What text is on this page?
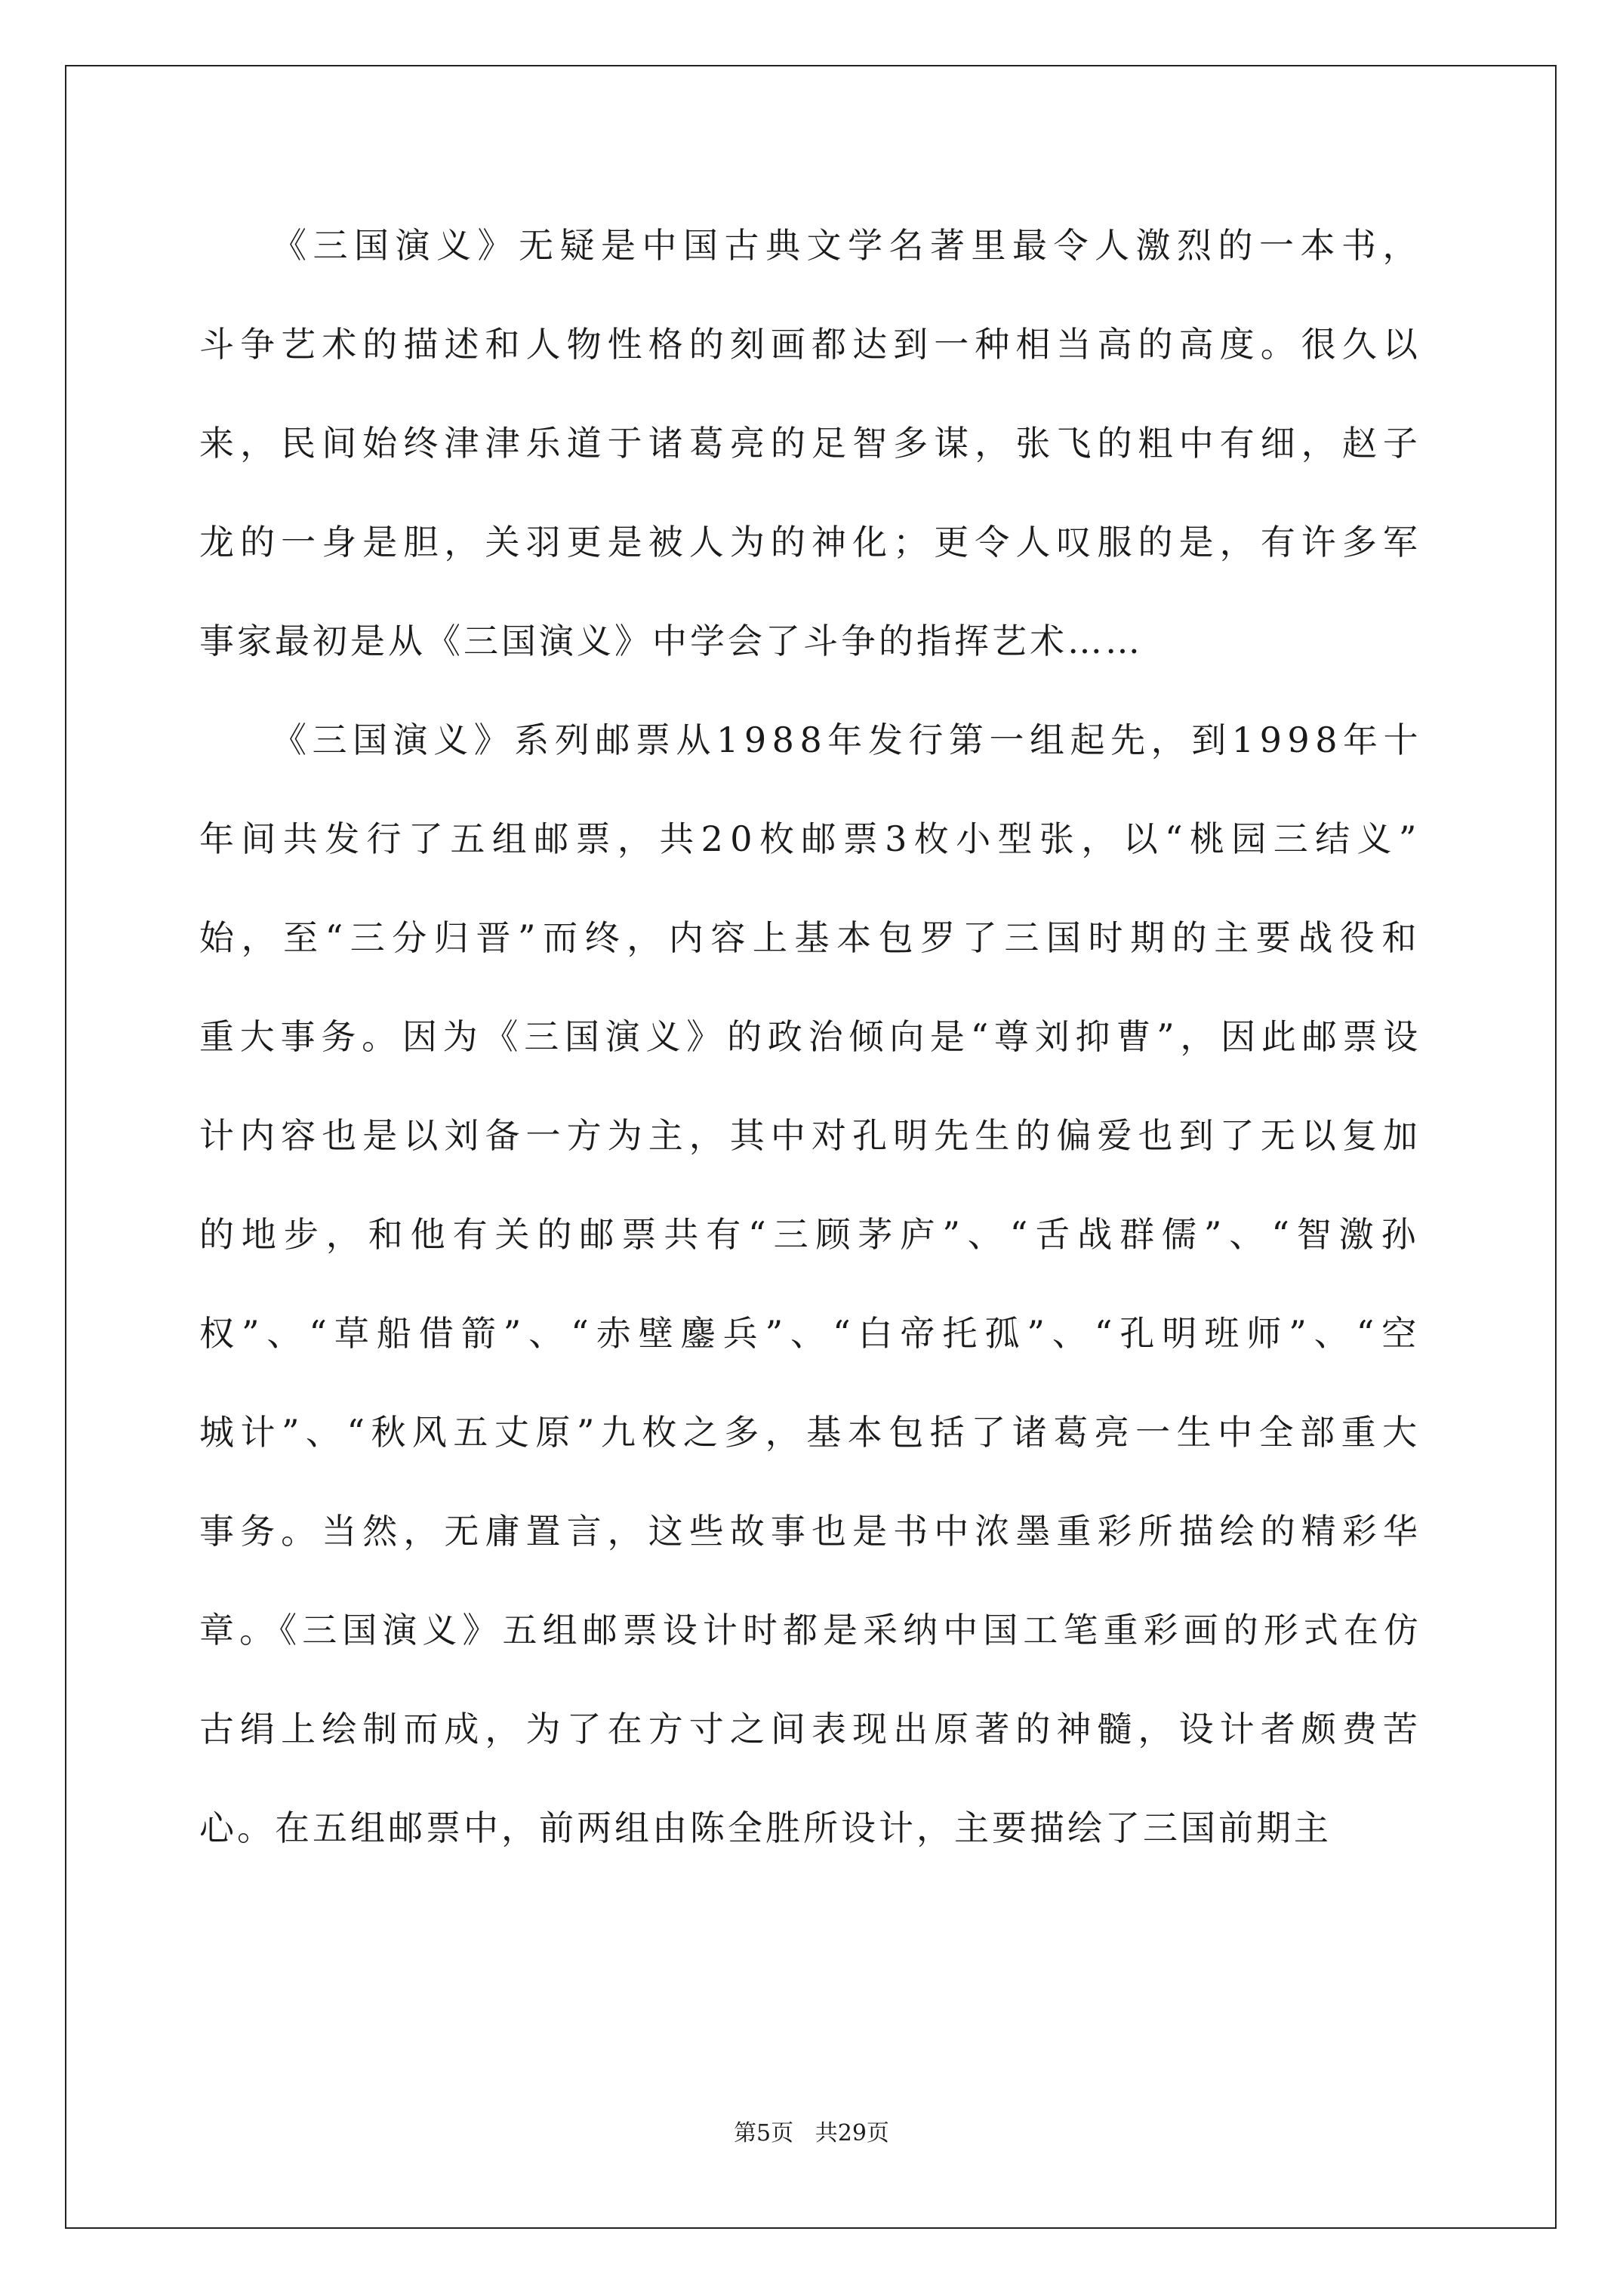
《三国演义》无疑是中国古典文学名著里最令人激烈的一本书，
斗争艺术的描述和人物性格的刻画都达到一种相当高的高度。很久以
来，民间始终津津乐道于诸葛亮的足智多谋，张飞的粗中有细，赵子
龙的一身是胆，关羽更是被人为的神化；更令人叹服的是，有许多军
事家最初是从《三国演义》中学会了斗争的指挥艺术……
《三国演义》系列邮票从1988年发行第一组起先，到1998年十
年间共发行了五组邮票，共20枚邮票3枚小型张，以“桃园三结义”
始，至“三分归晋”而终，内容上基本包罗了三国时期的主要战役和
重大事务。因为《三国演义》的政治倾向是“尊刘抑曹”，因此邮票设
计内容也是以刘备一方为主，其中对孔明先生的偏爱也到了无以复加
的地步，和他有关的邮票共有“三顾茅庐”、“舌战群儒”、“智激孙
权”、“草船借箭”、“赤壁鏖兵”、“白帝托孤”、“孔明班师”、“空
城计”、“秋风五丈原”九枚之多，基本包括了诸葛亮一生中全部重大
事务。当然，无庸置言，这些故事也是书中浓墨重彩所描绘的精彩华
章。《三国演义》五组邮票设计时都是采纳中国工笔重彩画的形式在仿
古绢上绘制而成，为了在方寸之间表现出原著的神髓，设计者颇费苦
心。在五组邮票中，前两组由陈全胜所设计，主要描绘了三国前期主
第5页   共29页
